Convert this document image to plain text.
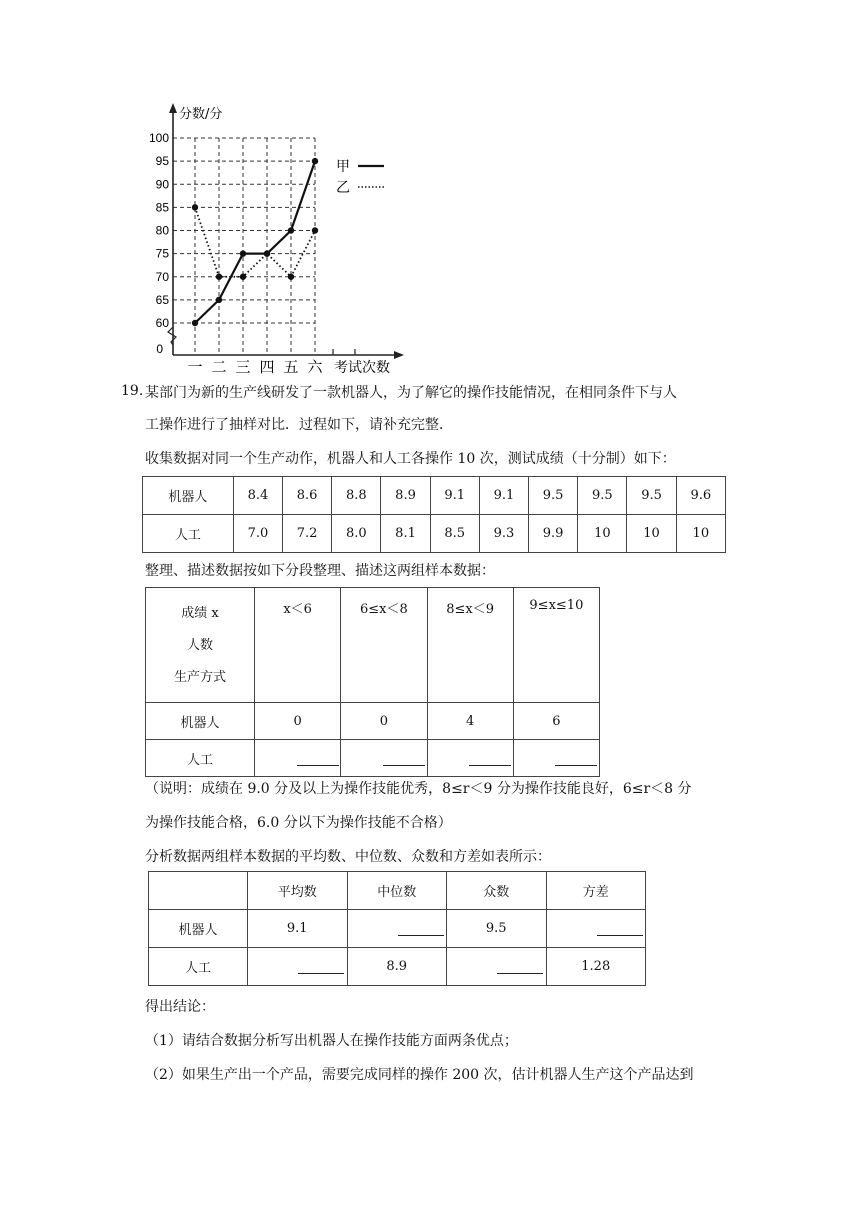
100
95
90
85
80
75
70
65
60
0
分数/分
一 二 三 四 五 六 考试次数
甲
乙
19. 某部门为新的生产线研发了一款机器人，为了解它的操作技能情况，在相同条件下与人
工操作进行了抽样对比．过程如下，请补充完整．
收集数据对同一个生产动作，机器人和人工各操作 10 次，测试成绩（十分制）如下：
机器人	8.4	8.6	8.8	8.9	9.1	9.1	9.5	9.5	9.5	9.6
人工	7.0	7.2	8.0	8.1	8.5	9.3	9.9	10	10	10
整理、描述数据按如下分段整理、描述这两组样本数据：
成绩 x
人数
生产方式	x＜6	6≤x＜8	8≤x＜9	9≤x≤10
机器人	0	0	4	6
人工				
（说明：成绩在 9.0 分及以上为操作技能优秀，8≤r＜9 分为操作技能良好，6≤r＜8 分
为操作技能合格，6.0 分以下为操作技能不合格）
分析数据两组样本数据的平均数、中位数、众数和方差如表所示：
	平均数	中位数	众数	方差
机器人	9.1		9.5	
人工		8.9		1.28
得出结论：
（1）请结合数据分析写出机器人在操作技能方面两条优点；
（2）如果生产出一个产品，需要完成同样的操作 200 次，估计机器人生产这个产品达到
